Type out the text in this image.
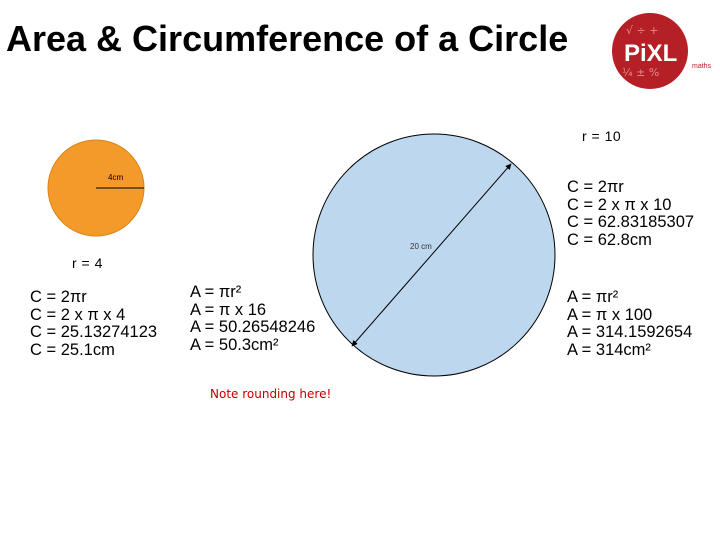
Area & Circumference of a Circle	√ ÷ +
¼ ± %
PiXL maths
4cm
20 cm
r = 4
r = 10
C = 2πr
C = 2 x π x 4
C = 25.13274123
C = 25.1cm
A = πr²
A = π x 16
A = 50.26548246
A = 50.3cm²
C = 2πr
C = 2 x π x 10
C = 62.83185307
C = 62.8cm
A = πr²
A = π x 100
A = 314.1592654
A = 314cm²
Note rounding here!
